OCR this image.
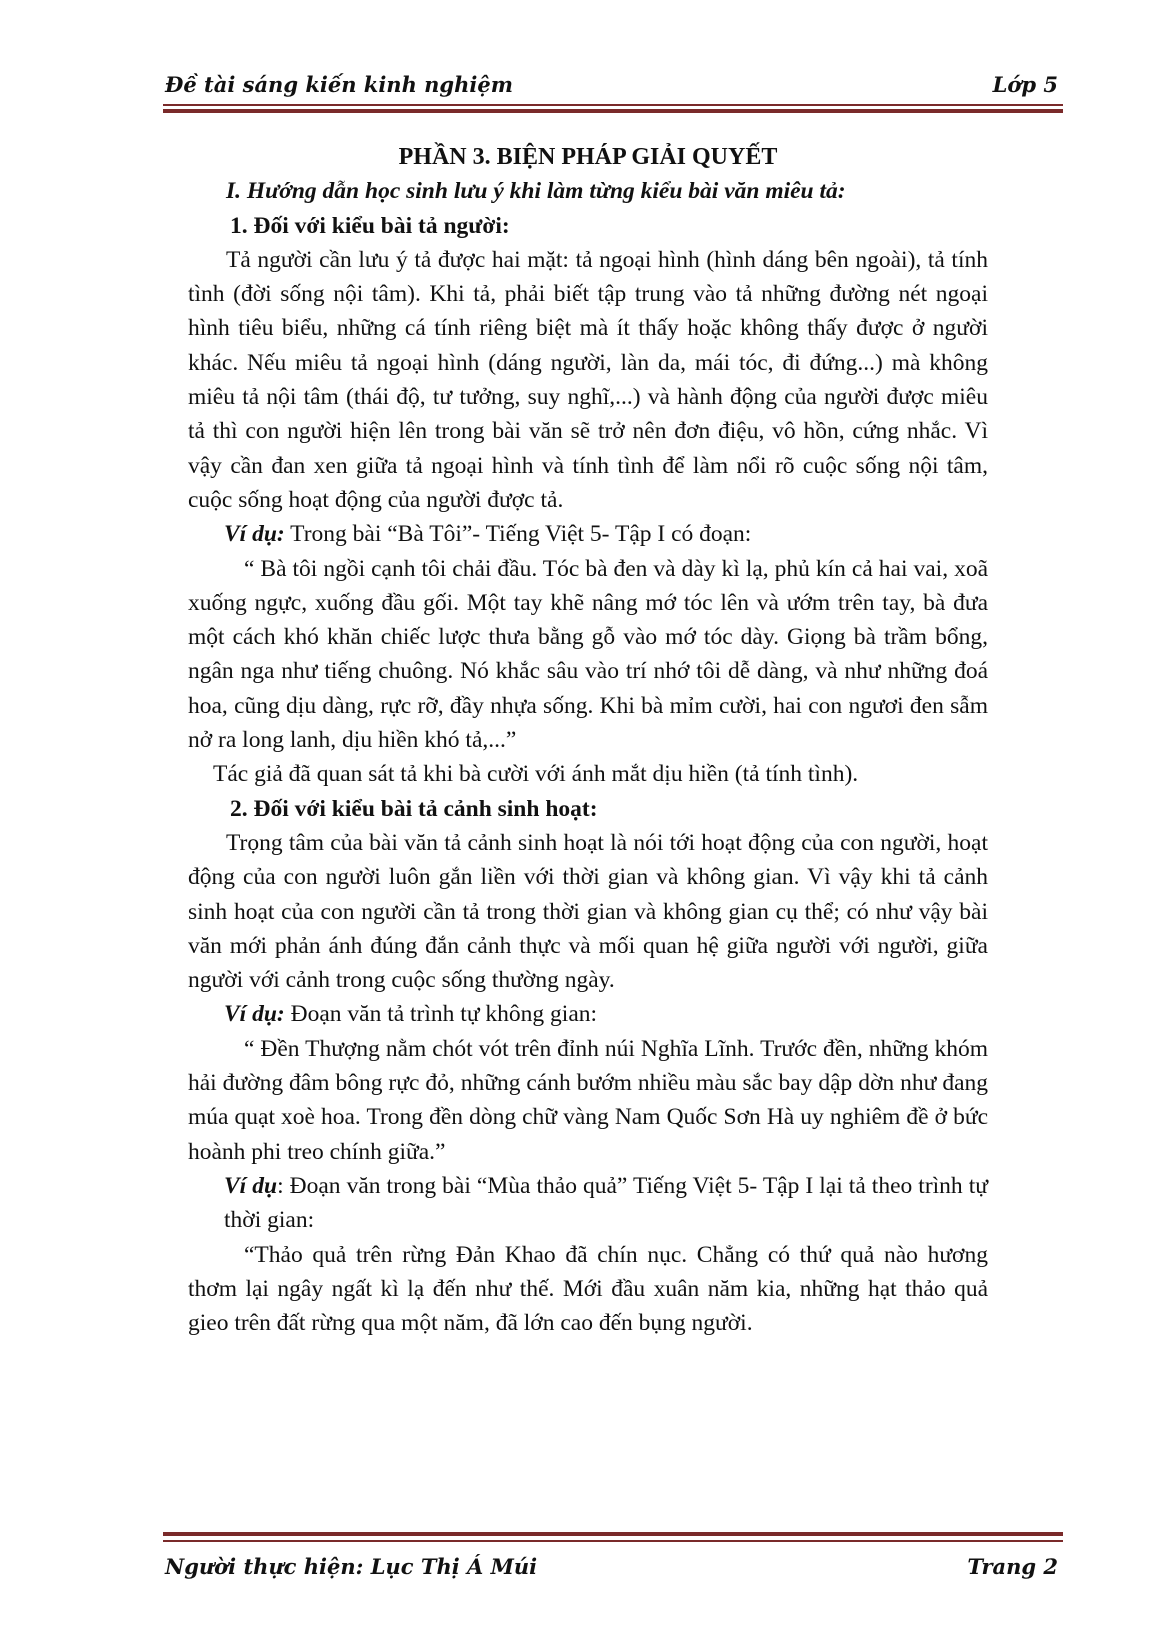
Đề tài sáng kiến kinh nghiệm	Lớp 5

PHẦN 3. BIỆN PHÁP GIẢI QUYẾT

I. Hướng dẫn học sinh lưu ý khi làm từng kiểu bài văn miêu tả:

1. Đối với kiểu bài tả người:

Tả người cần lưu ý tả được hai mặt: tả ngoại hình (hình dáng bên ngoài), tả tính tình (đời sống nội tâm). Khi tả, phải biết tập trung vào tả những đường nét ngoại hình tiêu biểu, những cá tính riêng biệt mà ít thấy hoặc không thấy được ở người khác. Nếu miêu tả ngoại hình (dáng người, làn da, mái tóc, đi đứng...) mà không miêu tả nội tâm (thái độ, tư tưởng, suy nghĩ,...) và hành động của người được miêu tả thì con người hiện lên trong bài văn sẽ trở nên đơn điệu, vô hồn, cứng nhắc. Vì vậy cần đan xen giữa tả ngoại hình và tính tình để làm nổi rõ cuộc sống nội tâm, cuộc sống hoạt động của người được tả.

Ví dụ: Trong bài “Bà Tôi”- Tiếng Việt 5- Tập I có đoạn:

“ Bà tôi ngồi cạnh tôi chải đầu. Tóc bà đen và dày kì lạ, phủ kín cả hai vai, xoã xuống ngực, xuống đầu gối. Một tay khẽ nâng mớ tóc lên và ướm trên tay, bà đưa một cách khó khăn chiếc lược thưa bằng gỗ vào mớ tóc dày. Giọng bà trầm bổng, ngân nga như tiếng chuông. Nó khắc sâu vào trí nhớ tôi dễ dàng, và như những đoá hoa, cũng dịu dàng, rực rỡ, đầy nhựa sống. Khi bà mỉm cười, hai con ngươi đen sẫm nở ra long lanh, dịu hiền khó tả,...”

Tác giả đã quan sát tả khi bà cười với ánh mắt dịu hiền (tả tính tình).

2. Đối với kiểu bài tả cảnh sinh hoạt:

Trọng tâm của bài văn tả cảnh sinh hoạt là nói tới hoạt động của con người, hoạt động của con người luôn gắn liền với thời gian và không gian. Vì vậy khi tả cảnh sinh hoạt của con người cần tả trong thời gian và không gian cụ thể; có như vậy bài văn mới phản ánh đúng đắn cảnh thực và mối quan hệ giữa người với người, giữa người với cảnh trong cuộc sống thường ngày.

Ví dụ: Đoạn văn tả trình tự không gian:

“ Đền Thượng nằm chót vót trên đỉnh núi Nghĩa Lĩnh. Trước đền, những khóm hải đường đâm bông rực đỏ, những cánh bướm nhiều màu sắc bay dập dờn như đang múa quạt xoè hoa. Trong đền dòng chữ vàng Nam Quốc Sơn Hà uy nghiêm đề ở bức hoành phi treo chính giữa.”

Ví dụ: Đoạn văn trong bài “Mùa thảo quả” Tiếng Việt 5- Tập I lại tả theo trình tự thời gian:

“Thảo quả trên rừng Đản Khao đã chín nục. Chẳng có thứ quả nào hương thơm lại ngây ngất kì lạ đến như thế. Mới đầu xuân năm kia, những hạt thảo quả gieo trên đất rừng qua một năm, đã lớn cao đến bụng người.

Người thực hiện: Lục Thị Á Múi	Trang 2
